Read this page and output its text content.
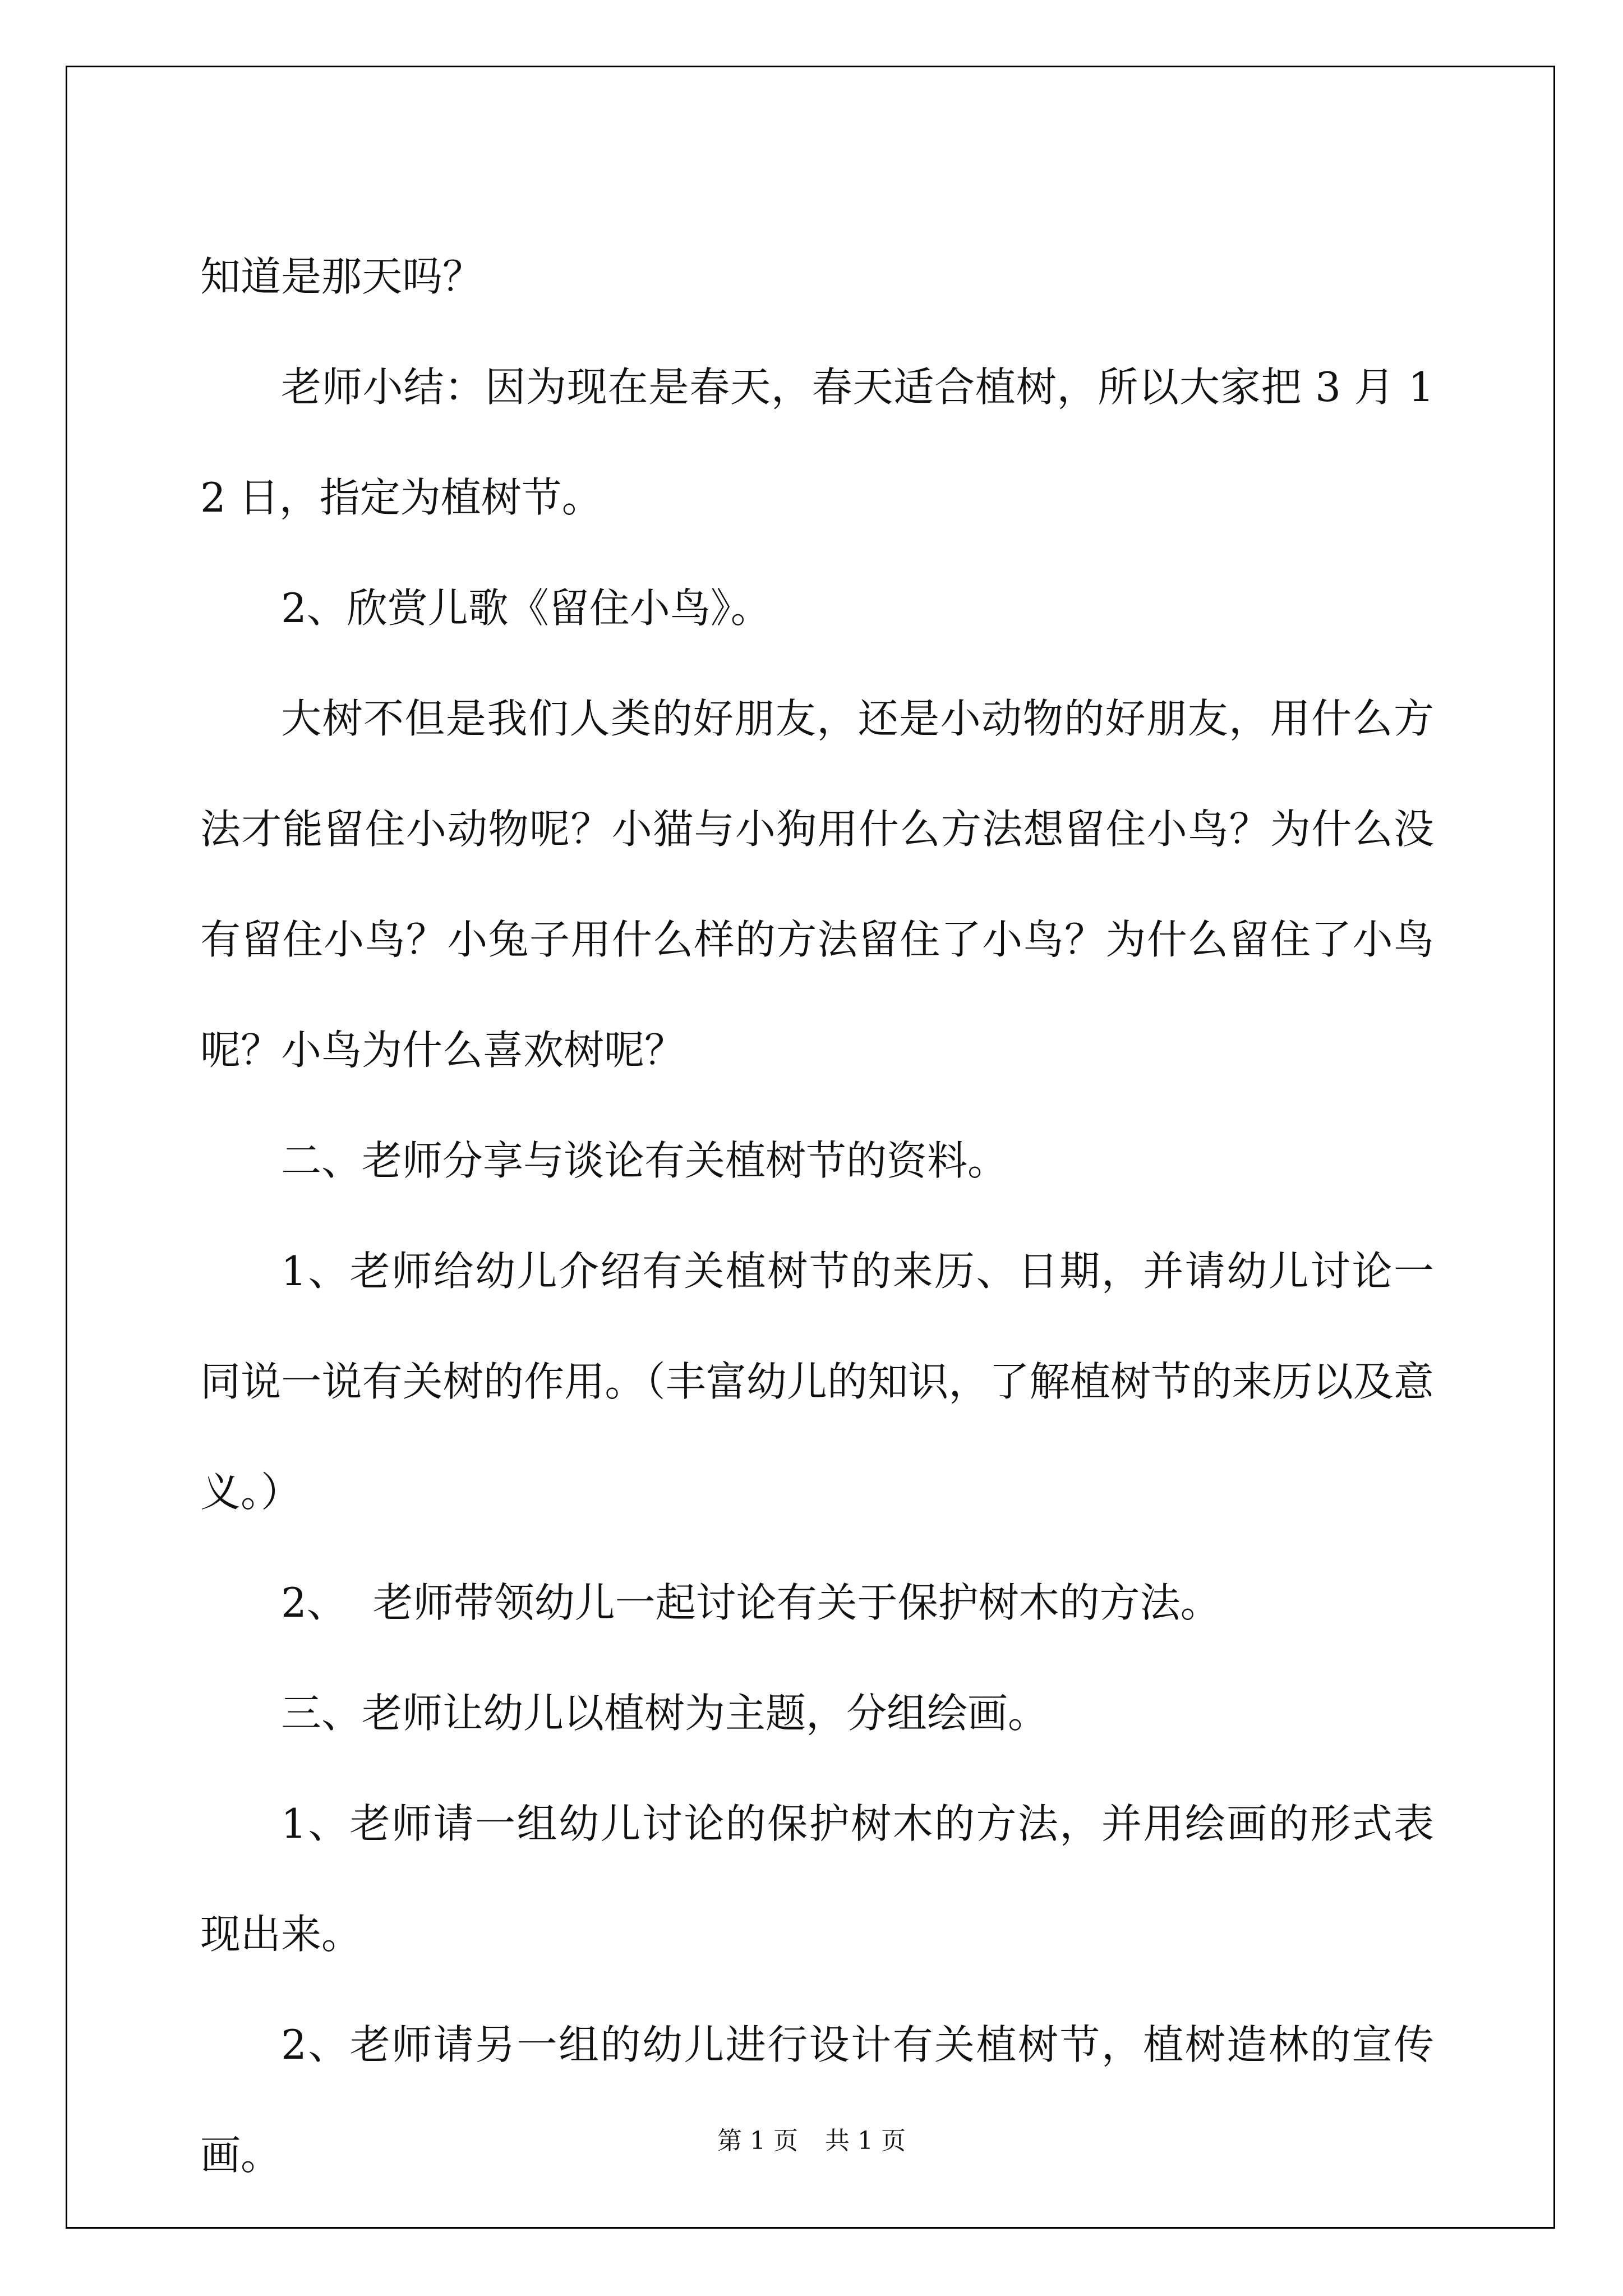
知道是那天吗？

老师小结：因为现在是春天，春天适合植树，所以大家把 3 月 12 日，指定为植树节。

2、欣赏儿歌《留住小鸟》。

大树不但是我们人类的好朋友，还是小动物的好朋友，用什么方法才能留住小动物呢？小猫与小狗用什么方法想留住小鸟？为什么没有留住小鸟？小兔子用什么样的方法留住了小鸟？为什么留住了小鸟呢？小鸟为什么喜欢树呢？

二、老师分享与谈论有关植树节的资料。

1、老师给幼儿介绍有关植树节的来历、日期，并请幼儿讨论一同说一说有关树的作用。（丰富幼儿的知识，了解植树节的来历以及意义。）

2、  老师带领幼儿一起讨论有关于保护树木的方法。

三、老师让幼儿以植树为主题，分组绘画。

1、老师请一组幼儿讨论的保护树木的方法，并用绘画的形式表现出来。

2、老师请另一组的幼儿进行设计有关植树节，植树造林的宣传画。	第 1 页 共 1 页
